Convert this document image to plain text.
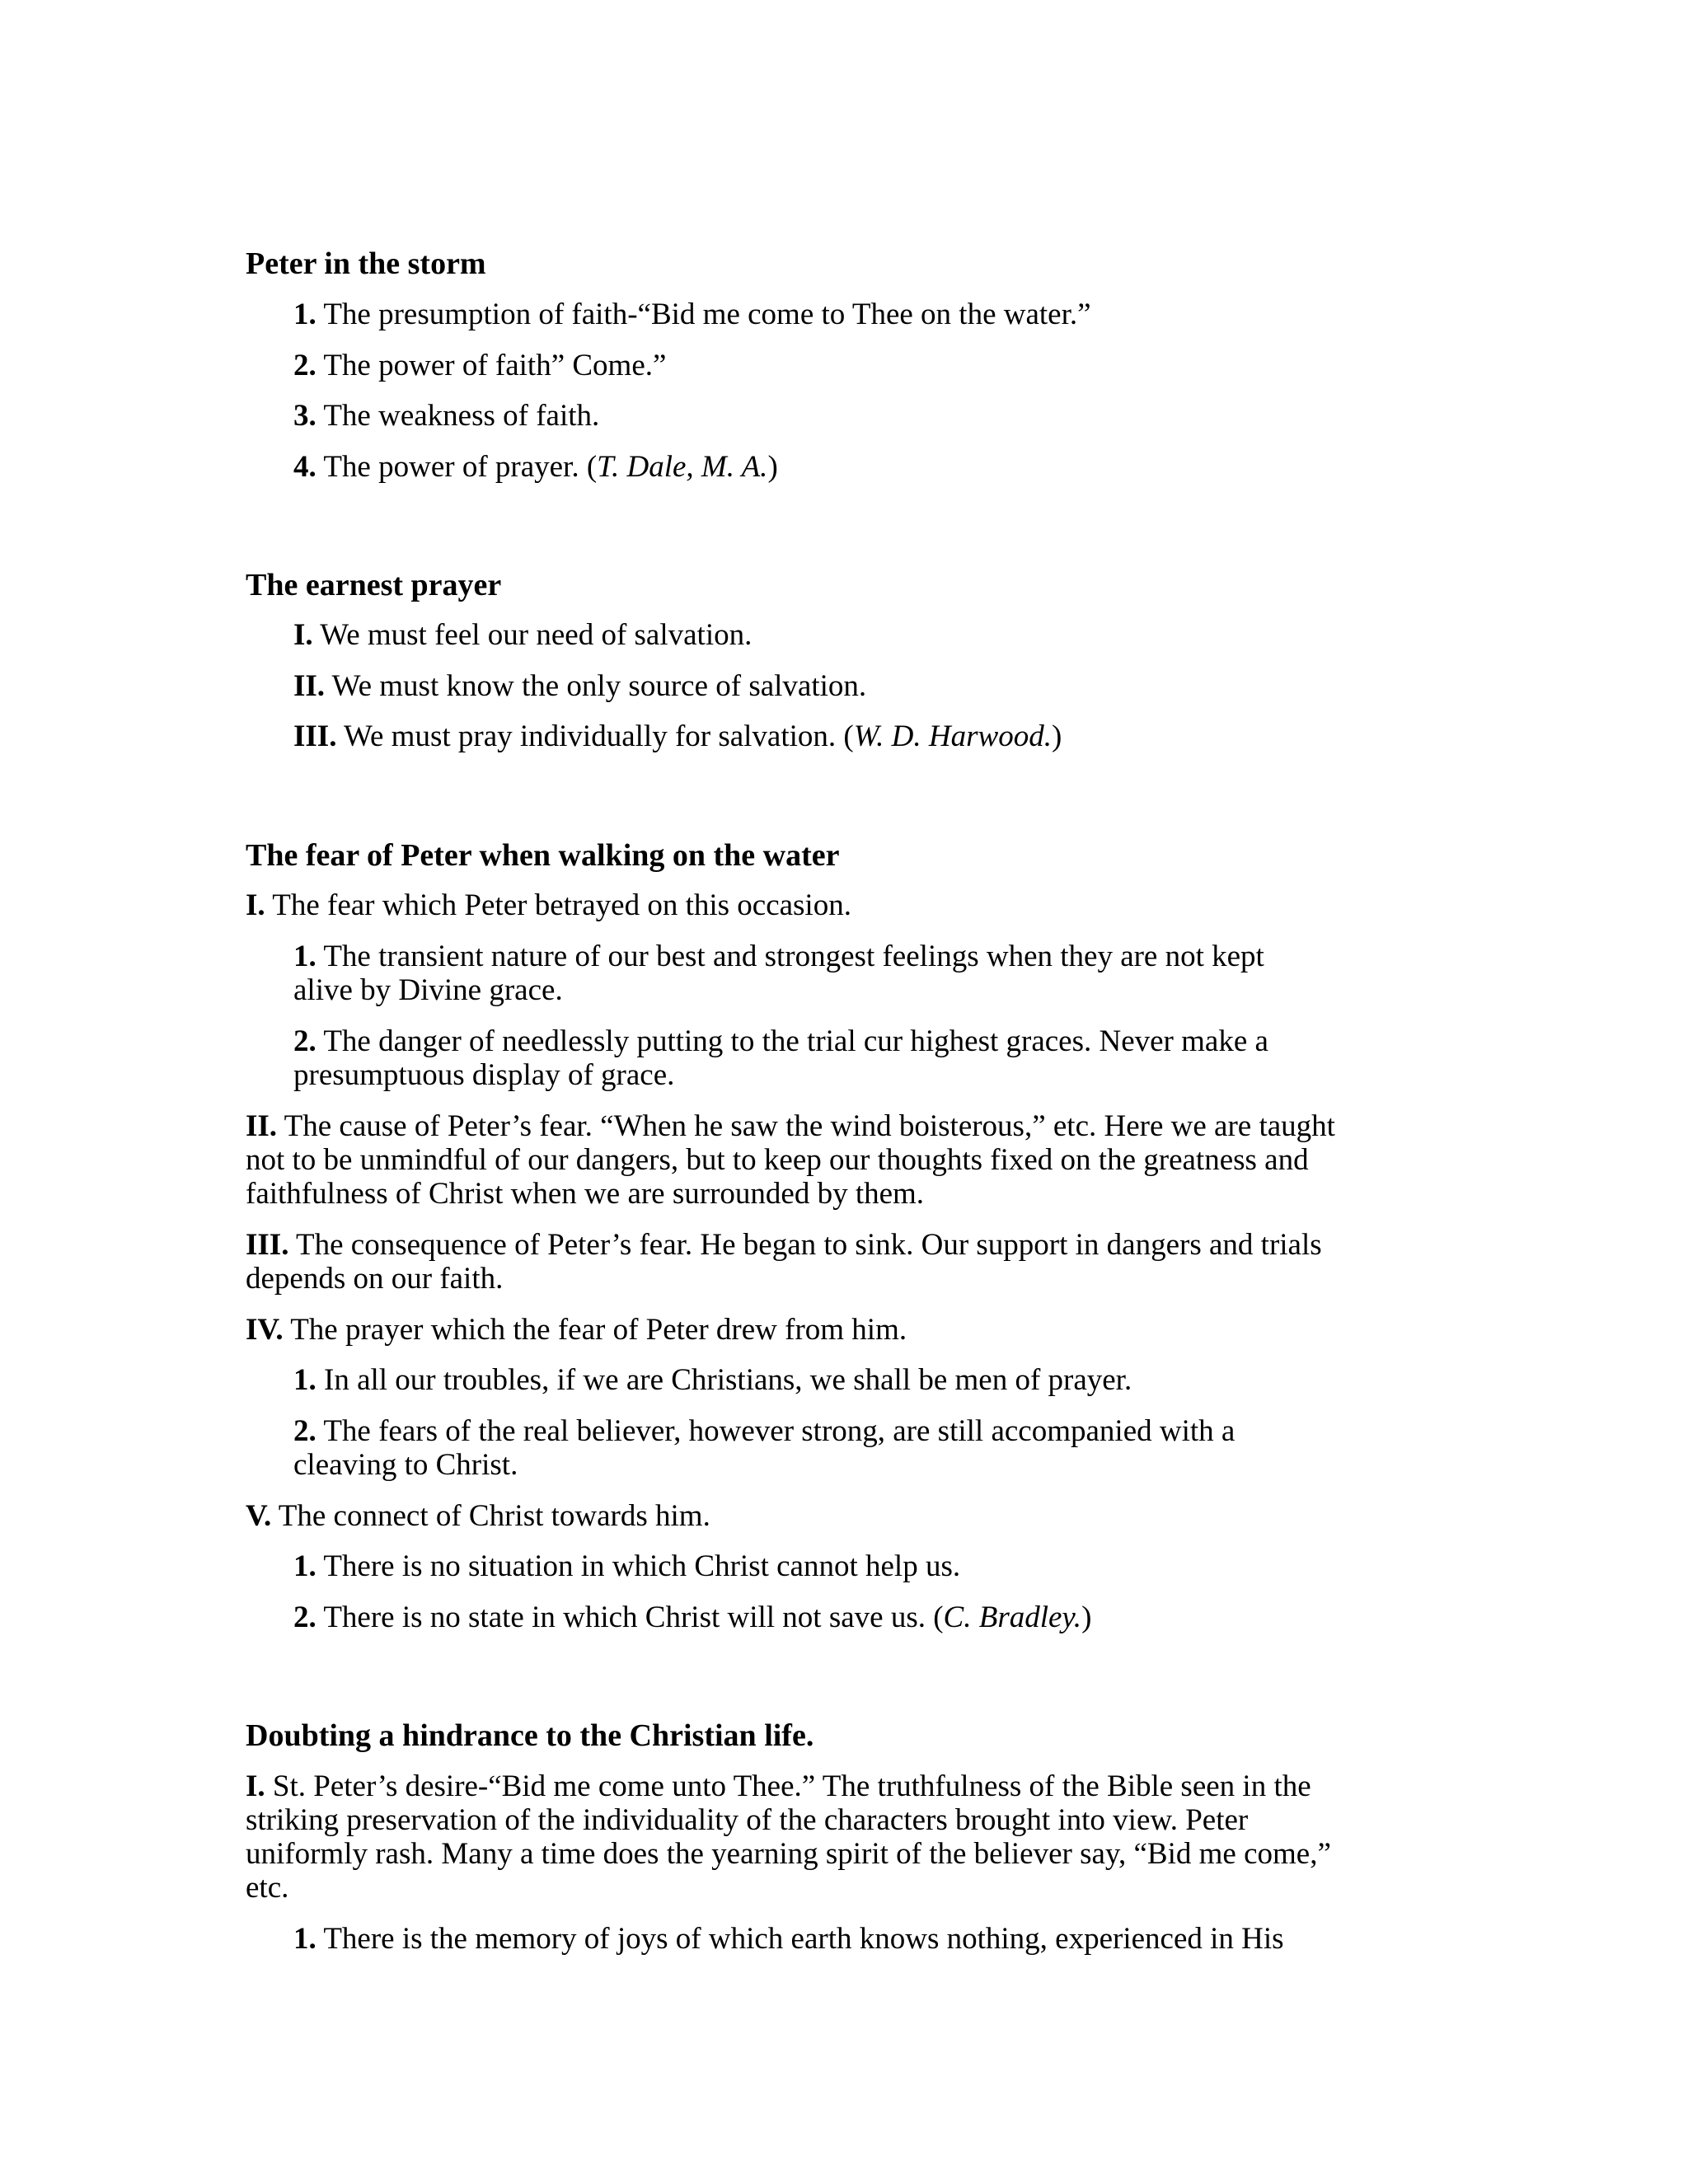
Peter in the storm
1. The presumption of faith-“Bid me come to Thee on the water.”
2. The power of faith” Come.”
3. The weakness of faith.
4. The power of prayer. (T. Dale, M. A.)
The earnest prayer
I. We must feel our need of salvation.
II. We must know the only source of salvation.
III. We must pray individually for salvation. (W. D. Harwood.)
The fear of Peter when walking on the water
I. The fear which Peter betrayed on this occasion.
1. The transient nature of our best and strongest feelings when they are not kept
alive by Divine grace.
2. The danger of needlessly putting to the trial cur highest graces. Never make a
presumptuous display of grace.
II. The cause of Peter’s fear. “When he saw the wind boisterous,” etc. Here we are taught
not to be unmindful of our dangers, but to keep our thoughts fixed on the greatness and
faithfulness of Christ when we are surrounded by them.
III. The consequence of Peter’s fear. He began to sink. Our support in dangers and trials
depends on our faith.
IV. The prayer which the fear of Peter drew from him.
1. In all our troubles, if we are Christians, we shall be men of prayer.
2. The fears of the real believer, however strong, are still accompanied with a
cleaving to Christ.
V. The connect of Christ towards him.
1. There is no situation in which Christ cannot help us.
2. There is no state in which Christ will not save us. (C. Bradley.)
Doubting a hindrance to the Christian life.
I. St. Peter’s desire-“Bid me come unto Thee.” The truthfulness of the Bible seen in the
striking preservation of the individuality of the characters brought into view. Peter
uniformly rash. Many a time does the yearning spirit of the believer say, “Bid me come,”
etc.
1. There is the memory of joys of which earth knows nothing, experienced in His
